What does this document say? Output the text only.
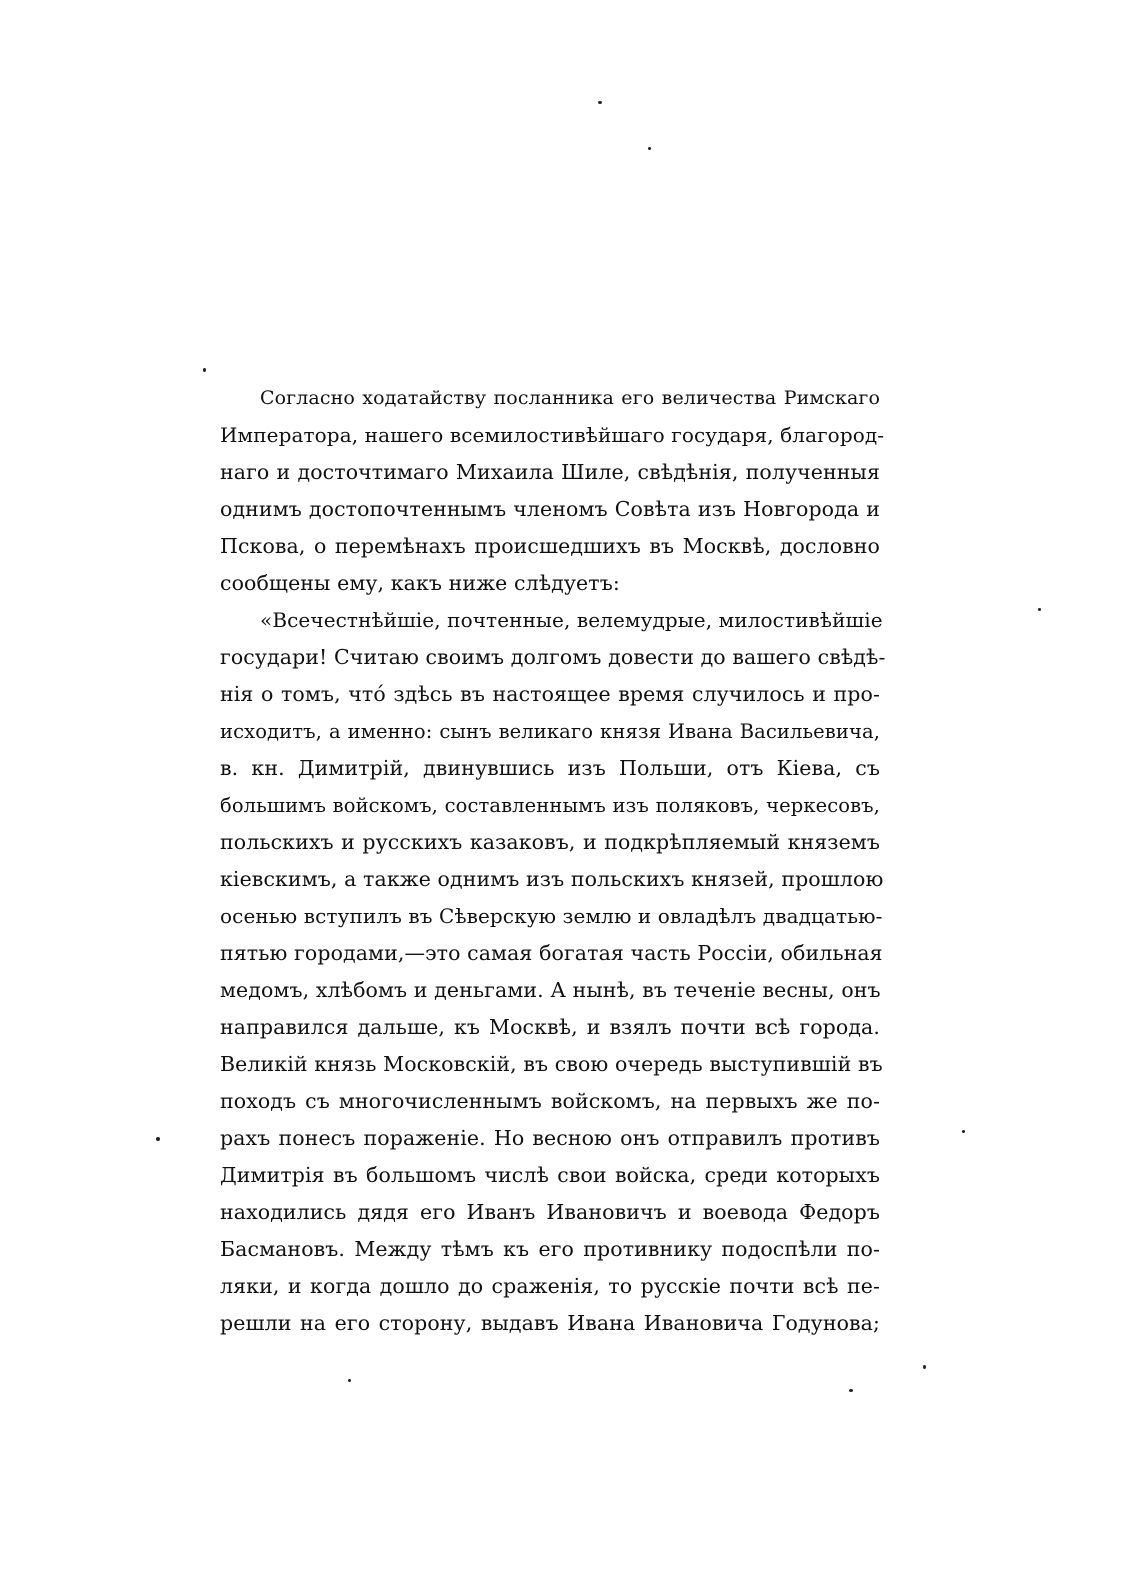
Согласно ходатайству посланника его величества Римскаго
Императора, нашего всемилостивѣйшаго государя, благород-
наго и досточтимаго Михаила Шиле, свѣдѣнія, полученныя
однимъ достопочтеннымъ членомъ Совѣта изъ Новгорода и
Пскова, о перемѣнахъ происшедшихъ въ Москвѣ, дословно
сообщены ему, какъ ниже слѣдуетъ:
«Всечестнѣйшіе, почтенные, велемудрые, милостивѣйшіе
государи! Считаю своимъ долгомъ довести до вашего свѣдѣ-
нія о томъ, чтó здѣсь въ настоящее время случилось и про-
исходитъ, а именно: сынъ великаго князя Ивана Васильевича,
в. кн. Димитрій, двинувшись изъ Польши, отъ Кіева, съ
большимъ войскомъ, составленнымъ изъ поляковъ, черкесовъ,
польскихъ и русскихъ казаковъ, и подкрѣпляемый княземъ
кіевскимъ, а также однимъ изъ польскихъ князей, прошлою
осенью вступилъ въ Сѣверскую землю и овладѣлъ двадцатью-
пятью городами,—это самая богатая часть Россіи, обильная
медомъ, хлѣбомъ и деньгами. А нынѣ, въ теченіе весны, онъ
направился дальше, къ Москвѣ, и взялъ почти всѣ города.
Великій князь Московскій, въ свою очередь выступившій въ
походъ съ многочисленнымъ войскомъ, на первыхъ же по-
рахъ понесъ пораженіе. Но весною онъ отправилъ противъ
Димитрія въ большомъ числѣ свои войска, среди которыхъ
находились дядя его Иванъ Ивановичъ и воевода Федоръ
Басмановъ. Между тѣмъ къ его противнику подоспѣли по-
ляки, и когда дошло до сраженія, то русскіе почти всѣ пе-
решли на его сторону, выдавъ Ивана Ивановича Годунова;
